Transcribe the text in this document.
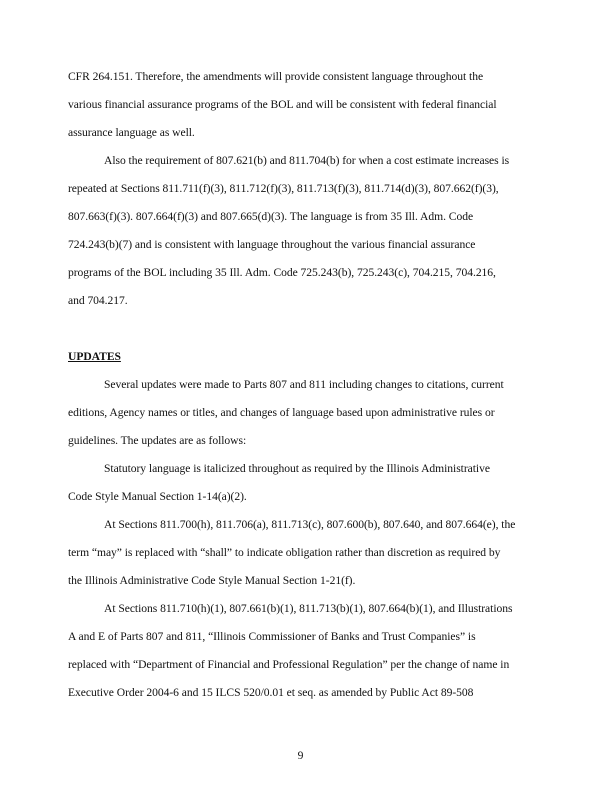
CFR 264.151. Therefore, the amendments will provide consistent language throughout the
various financial assurance programs of the BOL and will be consistent with federal financial
assurance language as well.
Also the requirement of 807.621(b) and 811.704(b) for when a cost estimate increases is
repeated at Sections 811.711(f)(3), 811.712(f)(3), 811.713(f)(3), 811.714(d)(3), 807.662(f)(3),
807.663(f)(3). 807.664(f)(3) and 807.665(d)(3). The language is from 35 Ill. Adm. Code
724.243(b)(7) and is consistent with language throughout the various financial assurance
programs of the BOL including 35 Ill. Adm. Code 725.243(b), 725.243(c), 704.215, 704.216,
and 704.217.
UPDATES
Several updates were made to Parts 807 and 811 including changes to citations, current
editions, Agency names or titles, and changes of language based upon administrative rules or
guidelines. The updates are as follows:
Statutory language is italicized throughout as required by the Illinois Administrative
Code Style Manual Section 1-14(a)(2).
At Sections 811.700(h), 811.706(a), 811.713(c), 807.600(b), 807.640, and 807.664(e), the
term “may” is replaced with “shall” to indicate obligation rather than discretion as required by
the Illinois Administrative Code Style Manual Section 1-21(f).
At Sections 811.710(h)(1), 807.661(b)(1), 811.713(b)(1), 807.664(b)(1), and Illustrations
A and E of Parts 807 and 811, “Illinois Commissioner of Banks and Trust Companies” is
replaced with “Department of Financial and Professional Regulation” per the change of name in
Executive Order 2004-6 and 15 ILCS 520/0.01 et seq. as amended by Public Act 89-508
9
